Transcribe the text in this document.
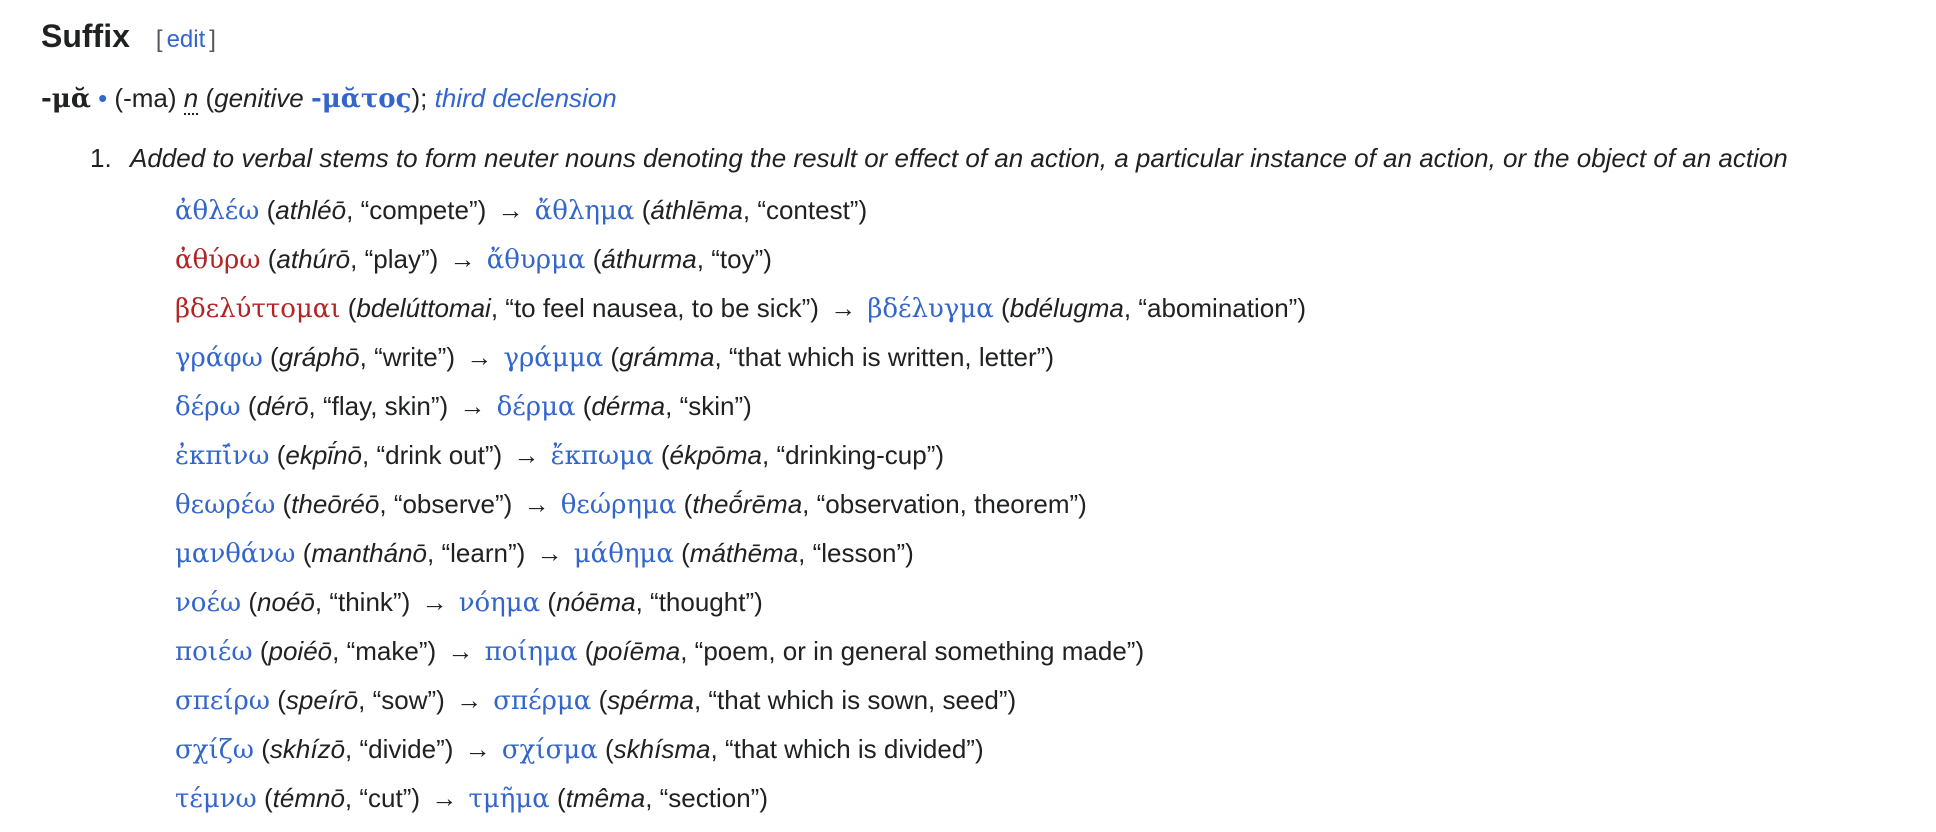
Suffix [ edit ]
-μᾰ • (-ma) n (genitive -μᾰτος); third declension
1. Added to verbal stems to form neuter nouns denoting the result or effect of an action, a particular instance of an action, or the object of an action
ἀθλέω (athléō, “compete”) → ἄθλημα (áthlēma, “contest”)
ἀθύρω (athúrō, “play”) → ἄθυρμα (áthurma, “toy”)
βδελύττομαι (bdelúttomai, “to feel nausea, to be sick”) → βδέλυγμα (bdélugma, “abomination”)
γράφω (gráphō, “write”) → γράμμα (grámma, “that which is written, letter”)
δέρω (dérō, “flay, skin”) → δέρμα (dérma, “skin”)
ἐκπῑ́νω (ekpī́nō, “drink out”) → ἔκπωμα (ékpōma, “drinking-cup”)
θεωρέω (theōréō, “observe”) → θεώρημα (theṓrēma, “observation, theorem”)
μανθάνω (manthánō, “learn”) → μάθημα (máthēma, “lesson”)
νοέω (noéō, “think”) → νόημα (nóēma, “thought”)
ποιέω (poiéō, “make”) → ποίημα (poíēma, “poem, or in general something made”)
σπείρω (speírō, “sow”) → σπέρμα (spérma, “that which is sown, seed”)
σχίζω (skhízō, “divide”) → σχίσμα (skhísma, “that which is divided”)
τέμνω (témnō, “cut”) → τμῆμα (tmêma, “section”)
